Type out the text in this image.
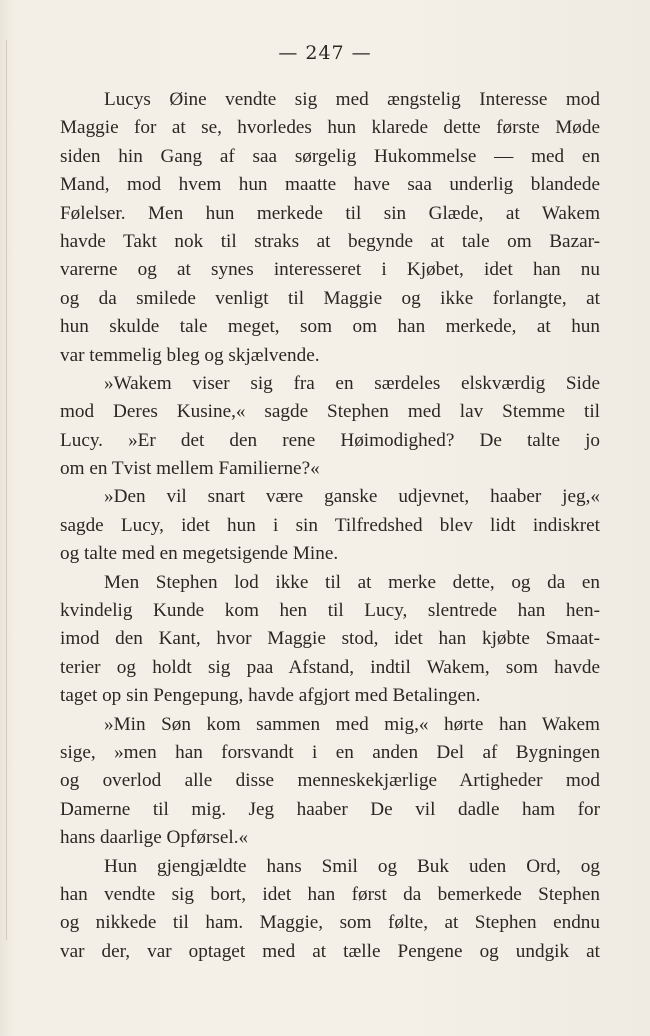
— 247 —
Lucys Øine vendte sig med ængstelig Interesse mod
Maggie for at se, hvorledes hun klarede dette første Møde
siden hin Gang af saa sørgelig Hukommelse — med en
Mand, mod hvem hun maatte have saa underlig blandede
Følelser. Men hun merkede til sin Glæde, at Wakem
havde Takt nok til straks at begynde at tale om Bazar-
varerne og at synes interesseret i Kjøbet, idet han nu
og da smilede venligt til Maggie og ikke forlangte, at
hun skulde tale meget, som om han merkede, at hun
var temmelig bleg og skjælvende.
»Wakem viser sig fra en særdeles elskværdig Side
mod Deres Kusine,« sagde Stephen med lav Stemme til
Lucy. »Er det den rene Høimodighed? De talte jo
om en Tvist mellem Familierne?«
»Den vil snart være ganske udjevnet, haaber jeg,«
sagde Lucy, idet hun i sin Tilfredshed blev lidt indiskret
og talte med en megetsigende Mine.
Men Stephen lod ikke til at merke dette, og da en
kvindelig Kunde kom hen til Lucy, slentrede han hen-
imod den Kant, hvor Maggie stod, idet han kjøbte Smaat-
terier og holdt sig paa Afstand, indtil Wakem, som havde
taget op sin Pengepung, havde afgjort med Betalingen.
»Min Søn kom sammen med mig,« hørte han Wakem
sige, »men han forsvandt i en anden Del af Bygningen
og overlod alle disse menneskekjærlige Artigheder mod
Damerne til mig. Jeg haaber De vil dadle ham for
hans daarlige Opførsel.«
Hun gjengjældte hans Smil og Buk uden Ord, og
han vendte sig bort, idet han først da bemerkede Stephen
og nikkede til ham. Maggie, som følte, at Stephen endnu
var der, var optaget med at tælle Pengene og undgik at
